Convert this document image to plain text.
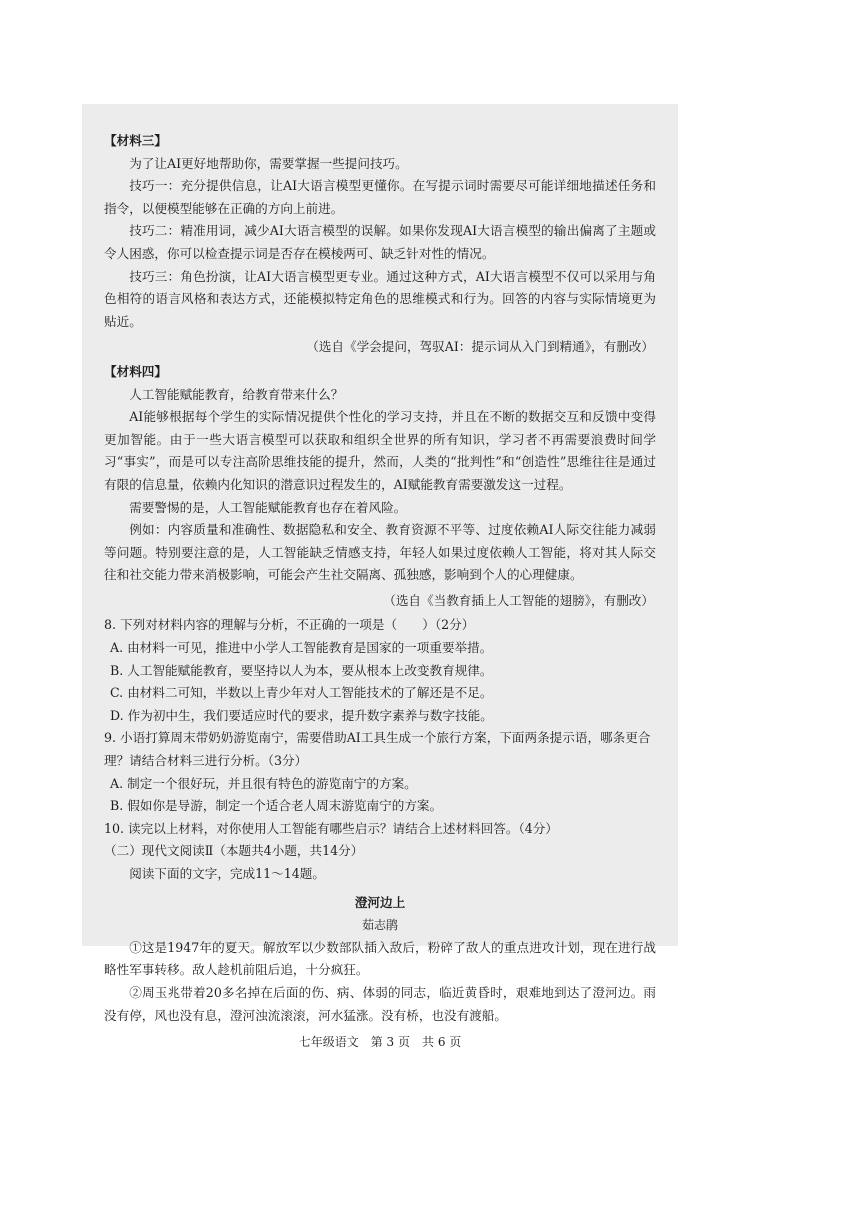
【材料三】

为了让AI更好地帮助你，需要掌握一些提问技巧。

技巧一：充分提供信息，让AI大语言模型更懂你。在写提示词时需要尽可能详细地描述任务和指令，以便模型能够在正确的方向上前进。

技巧二：精准用词，减少AI大语言模型的误解。如果你发现AI大语言模型的输出偏离了主题或令人困惑，你可以检查提示词是否存在模棱两可、缺乏针对性的情况。

技巧三：角色扮演，让AI大语言模型更专业。通过这种方式，AI大语言模型不仅可以采用与角色相符的语言风格和表达方式，还能模拟特定角色的思维模式和行为。回答的内容与实际情境更为贴近。

（选自《学会提问，驾驭AI：提示词从入门到精通》，有删改）

【材料四】

人工智能赋能教育，给教育带来什么？

AI能够根据每个学生的实际情况提供个性化的学习支持，并且在不断的数据交互和反馈中变得更加智能。由于一些大语言模型可以获取和组织全世界的所有知识，学习者不再需要浪费时间学习“事实”，而是可以专注高阶思维技能的提升，然而，人类的“批判性”和“创造性”思维往往是通过有限的信息量，依赖内化知识的潜意识过程发生的，AI赋能教育需要激发这一过程。

需要警惕的是，人工智能赋能教育也存在着风险。

例如：内容质量和准确性、数据隐私和安全、教育资源不平等、过度依赖AI人际交往能力减弱等问题。特别要注意的是，人工智能缺乏情感支持，年轻人如果过度依赖人工智能，将对其人际交往和社交能力带来消极影响，可能会产生社交隔离、孤独感，影响到个人的心理健康。

（选自《当教育插上人工智能的翅膀》，有删改）

8. 下列对材料内容的理解与分析，不正确的一项是（　　）（2分）

A. 由材料一可见，推进中小学人工智能教育是国家的一项重要举措。

B. 人工智能赋能教育，要坚持以人为本，要从根本上改变教育规律。

C. 由材料二可知，半数以上青少年对人工智能技术的了解还是不足。

D. 作为初中生，我们要适应时代的要求，提升数字素养与数字技能。

9. 小语打算周末带奶奶游览南宁，需要借助AI工具生成一个旅行方案，下面两条提示语，哪条更合理？请结合材料三进行分析。（3分）

A. 制定一个很好玩，并且很有特色的游览南宁的方案。

B. 假如你是导游，制定一个适合老人周末游览南宁的方案。

10. 读完以上材料，对你使用人工智能有哪些启示？请结合上述材料回答。（4分）

（二）现代文阅读Ⅱ（本题共4小题，共14分）

阅读下面的文字，完成11～14题。

澄河边上

茹志鹃

①这是1947年的夏天。解放军以少数部队插入敌后，粉碎了敌人的重点进攻计划，现在进行战略性军事转移。敌人趁机前阻后追，十分疯狂。

②周玉兆带着20多名掉在后面的伤、病、体弱的同志，临近黄昏时，艰难地到达了澄河边。雨没有停，风也没有息，澄河浊流滚滚，河水猛涨。没有桥，也没有渡船。

七年级语文　第 3 页　共 6 页
